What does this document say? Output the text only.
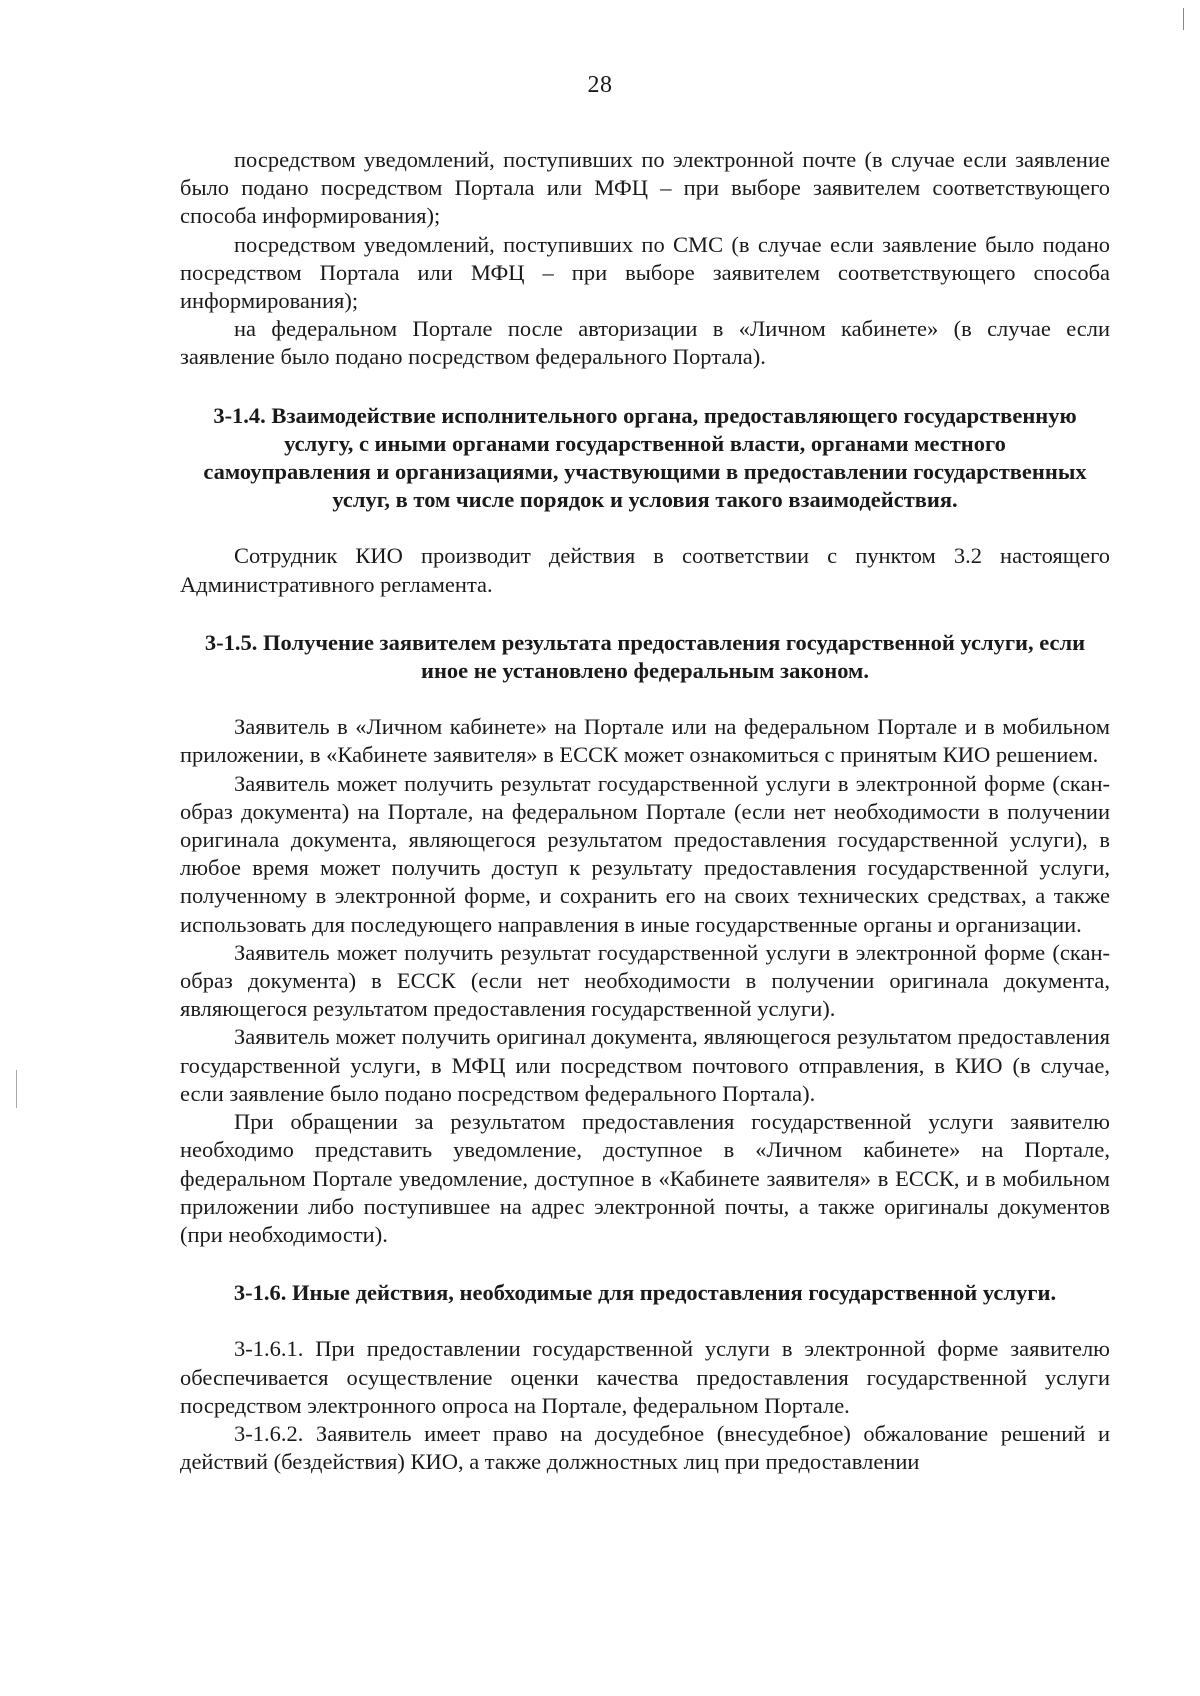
28

посредством уведомлений, поступивших по электронной почте (в случае если заявление было подано посредством Портала или МФЦ – при выборе заявителем соответствующего способа информирования);

посредством уведомлений, поступивших по СМС (в случае если заявление было подано посредством Портала или МФЦ – при выборе заявителем соответствующего способа информирования);

на федеральном Портале после авторизации в «Личном кабинете» (в случае если заявление было подано посредством федерального Портала).

3-1.4. Взаимодействие исполнительного органа, предоставляющего государственную услугу, с иными органами государственной власти, органами местного самоуправления и организациями, участвующими в предоставлении государственных услуг, в том числе порядок и условия такого взаимодействия.

Сотрудник КИО производит действия в соответствии с пунктом 3.2 настоящего Административного регламента.

3-1.5. Получение заявителем результата предоставления государственной услуги, если иное не установлено федеральным законом.

Заявитель в «Личном кабинете» на Портале или на федеральном Портале и в мобильном приложении, в «Кабинете заявителя» в ЕССК может ознакомиться с принятым КИО решением.

Заявитель может получить результат государственной услуги в электронной форме (скан-образ документа) на Портале, на федеральном Портале (если нет необходимости в получении оригинала документа, являющегося результатом предоставления государственной услуги), в любое время может получить доступ к результату предоставления государственной услуги, полученному в электронной форме, и сохранить его на своих технических средствах, а также использовать для последующего направления в иные государственные органы и организации.

Заявитель может получить результат государственной услуги в электронной форме (скан-образ документа) в ЕССК (если нет необходимости в получении оригинала документа, являющегося результатом предоставления государственной услуги).

Заявитель может получить оригинал документа, являющегося результатом предоставления государственной услуги, в МФЦ или посредством почтового отправления, в КИО (в случае, если заявление было подано посредством федерального Портала).

При обращении за результатом предоставления государственной услуги заявителю необходимо представить уведомление, доступное в «Личном кабинете» на Портале, федеральном Портале уведомление, доступное в «Кабинете заявителя» в ЕССК, и в мобильном приложении либо поступившее на адрес электронной почты, а также оригиналы документов (при необходимости).

3-1.6. Иные действия, необходимые для предоставления государственной услуги.

3-1.6.1. При предоставлении государственной услуги в электронной форме заявителю обеспечивается осуществление оценки качества предоставления государственной услуги посредством электронного опроса на Портале, федеральном Портале.

3-1.6.2. Заявитель имеет право на досудебное (внесудебное) обжалование решений и действий (бездействия) КИО, а также должностных лиц при предоставлении
